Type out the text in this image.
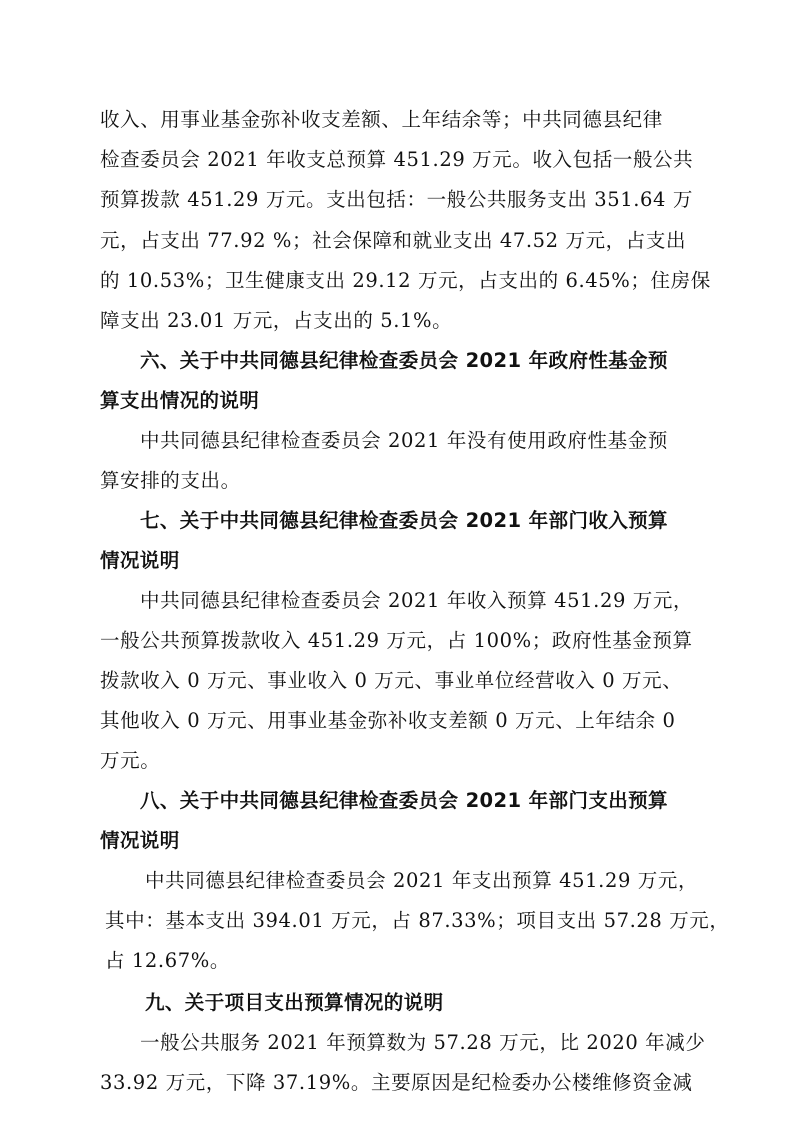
收入、用事业基金弥补收支差额、上年结余等；中共同德县纪律
检查委员会 2021 年收支总预算 451.29 万元。收入包括一般公共
预算拨款 451.29 万元。支出包括：一般公共服务支出 351.64 万
元，占支出 77.92 %；社会保障和就业支出 47.52 万元，占支出
的 10.53%；卫生健康支出 29.12 万元，占支出的 6.45%；住房保
障支出 23.01 万元，占支出的 5.1%。
六、关于中共同德县纪律检查委员会 2021 年政府性基金预
算支出情况的说明
中共同德县纪律检查委员会 2021 年没有使用政府性基金预
算安排的支出。
七、关于中共同德县纪律检查委员会 2021 年部门收入预算
情况说明
中共同德县纪律检查委员会 2021 年收入预算 451.29 万元，
一般公共预算拨款收入 451.29 万元，占 100%；政府性基金预算
拨款收入 0 万元、事业收入 0 万元、事业单位经营收入 0 万元、
其他收入 0 万元、用事业基金弥补收支差额 0 万元、上年结余 0
万元。
八、关于中共同德县纪律检查委员会 2021 年部门支出预算
情况说明
中共同德县纪律检查委员会 2021 年支出预算 451.29 万元，
其中：基本支出 394.01 万元，占 87.33%；项目支出 57.28 万元，
占 12.67%。
九、关于项目支出预算情况的说明
一般公共服务 2021 年预算数为 57.28 万元，比 2020 年减少
33.92 万元，下降 37.19%。主要原因是纪检委办公楼维修资金减
